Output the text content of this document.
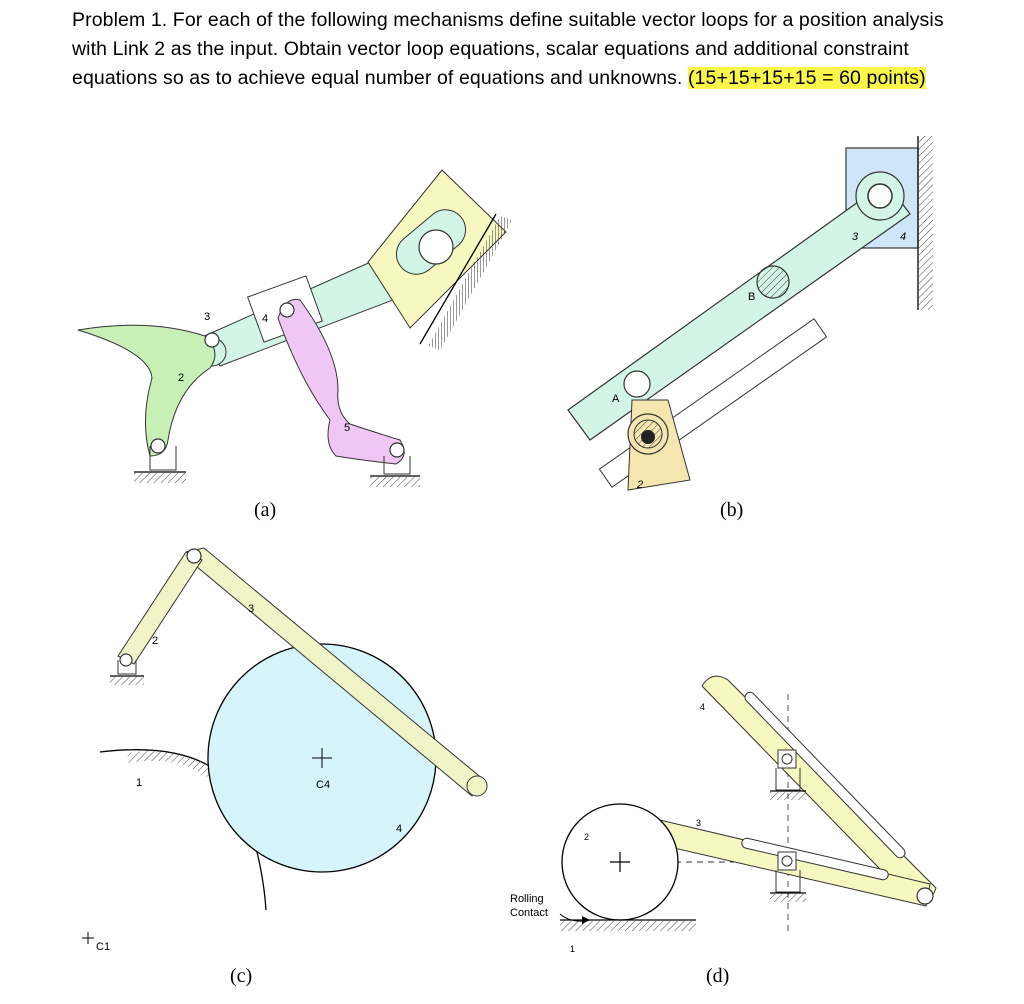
Problem 1. For each of the following mechanisms define suitable vector loops for a position analysis with Link 2 as the input. Obtain vector loop equations, scalar equations and additional constraint equations so as to achieve equal number of equations and unknowns. (15+15+15+15 = 60 points)
2
3	4
5
(a)
A
B
2
3	4
(b)
1
2
3
4
C4
C1
(c)
Rolling
Contact
1
2
3
4
(d)
